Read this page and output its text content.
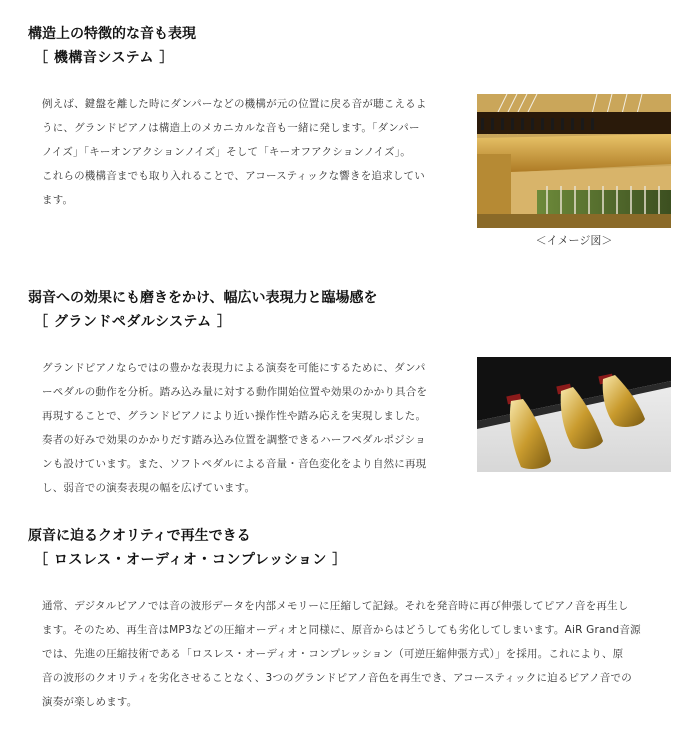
構造上の特徴的な音も表現
［ 機構音システム ］
例えば、鍵盤を離した時にダンパーなどの機構が元の位置に戻る音が聴こえるよ
うに、グランドピアノは構造上のメカニカルな音も一緒に発します。「ダンパー
ノイズ」「キーオンアクションノイズ」そして「キーオフアクションノイズ」。
これらの機構音までも取り入れることで、アコースティックな響きを追求してい
ます。
＜イメージ図＞
弱音への効果にも磨きをかけ、幅広い表現力と臨場感を
［ グランドペダルシステム ］
グランドピアノならではの豊かな表現力による演奏を可能にするために、ダンパ
ーペダルの動作を分析。踏み込み量に対する動作開始位置や効果のかかり具合を
再現することで、グランドピアノにより近い操作性や踏み応えを実現しました。
奏者の好みで効果のかかりだす踏み込み位置を調整できるハーフペダルポジショ
ンも設けています。また、ソフトペダルによる音量・音色変化をより自然に再現
し、弱音での演奏表現の幅を広げています。
原音に迫るクオリティで再生できる
［ ロスレス・オーディオ・コンプレッション ］
通常、デジタルピアノでは音の波形データを内部メモリーに圧縮して記録。それを発音時に再び伸張してピアノ音を再生し
ます。そのため、再生音はMP3などの圧縮オーディオと同様に、原音からはどうしても劣化してしまいます。AiR Grand音源
では、先進の圧縮技術である「ロスレス・オーディオ・コンプレッション（可逆圧縮伸張方式）」を採用。これにより、原
音の波形のクオリティを劣化させることなく、3つのグランドピアノ音色を再生でき、アコースティックに迫るピアノ音での
演奏が楽しめます。
